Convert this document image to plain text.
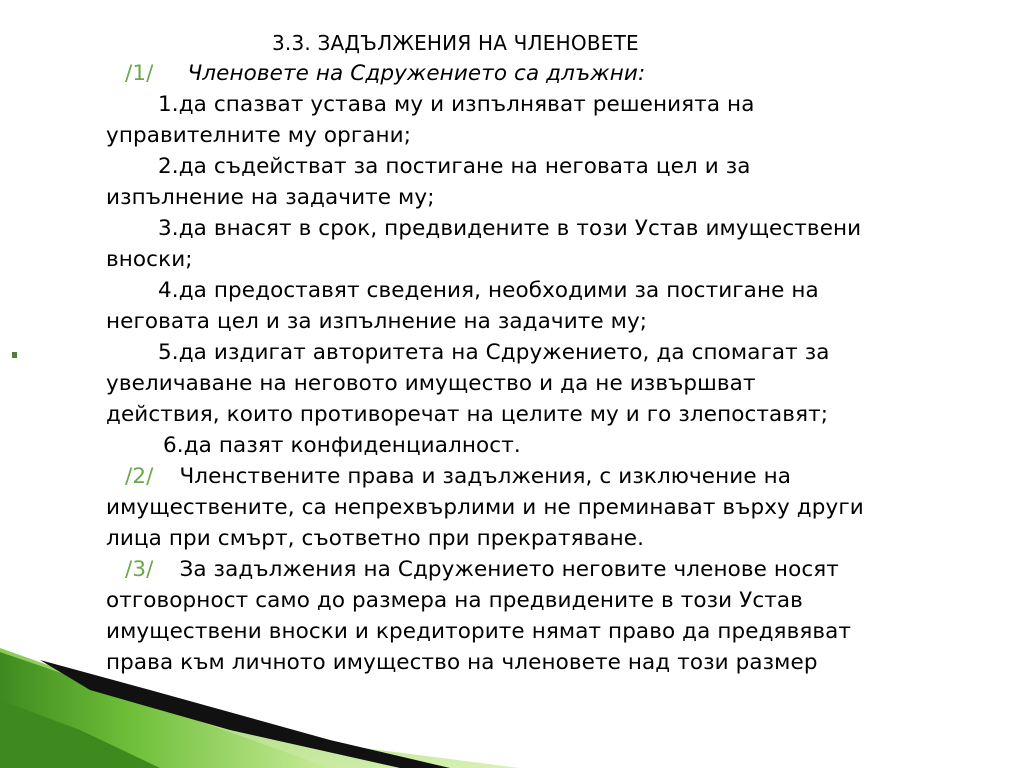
3.3. ЗАДЪЛЖЕНИЯ НА ЧЛЕНОВЕТЕ
/1/ Членовете на Сдружението са длъжни:
1.да спазват устава му и изпълняват решенията на
управителните му органи;
2.да съдействат за постигане на неговата цел и за
изпълнение на задачите му;
3.да внасят в срок, предвидените в този Устав имуществени
вноски;
4.да предоставят сведения, необходими за постигане на
неговата цел и за изпълнение на задачите му;
5.да издигат авторитета на Сдружението, да спомагат за
увеличаване на неговото имущество и да не извършват
действия, които противоречат на целите му и го злепоставят;
6.да пазят конфиденциалност.
/2/ Членствените права и задължения, с изключение на
имуществените, са непрехвърлими и не преминават върху други
лица при смърт, съответно при прекратяване.
/3/ За задължения на Сдружението неговите членове носят
отговорност само до размера на предвидените в този Устав
имуществени вноски и кредиторите нямат право да предявяват
права към личното имущество на членовете над този размер
